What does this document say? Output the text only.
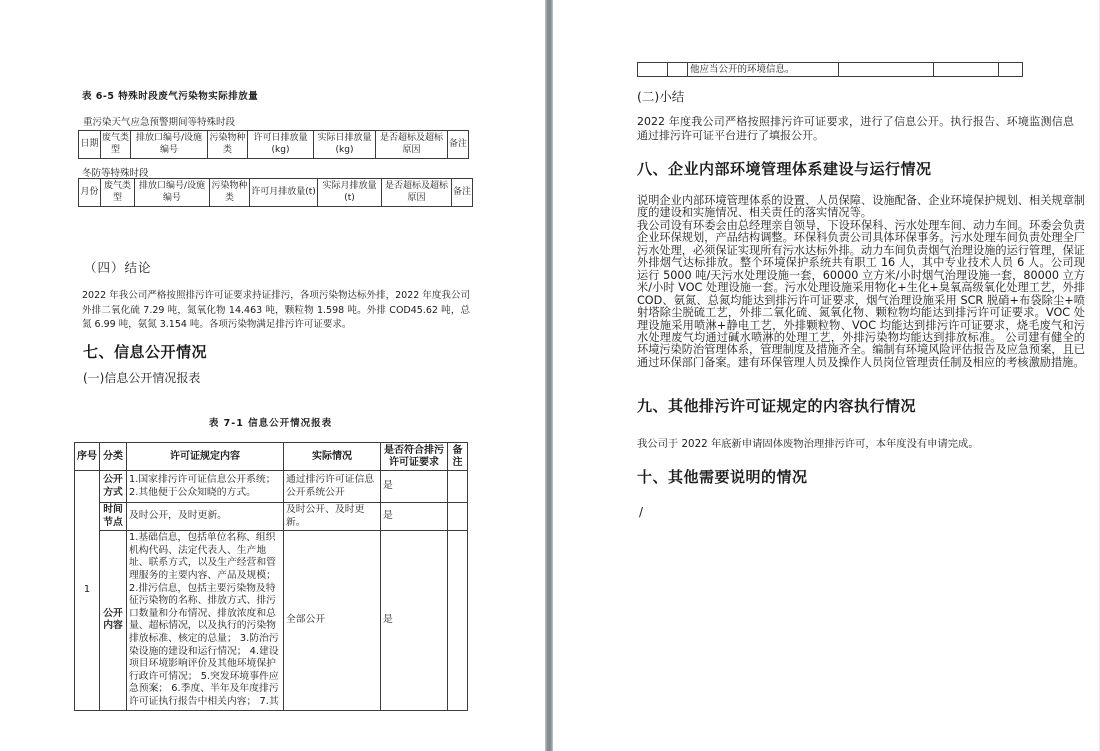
表 6-5 特殊时段废气污染物实际排放量
重污染天气应急预警期间等特殊时段
日期	废气类型	排放口编号/设施编号	污染物种类	许可日排放量(kg)	实际日排放量(kg)	是否超标及超标原因	备注
冬防等特殊时段
月份	废气类型	排放口编号/设施编号	污染物种类	许可月排放量(t)	实际月排放量(t)	是否超标及超标原因	备注
（四）结论
2022 年我公司严格按照排污许可证要求持证排污，各项污染物达标外排，2022 年度我公司外排二氧化硫 7.29 吨，氮氧化物 14.463 吨，颗粒物 1.598 吨。外排 COD45.62 吨，总氮 6.99 吨，氨氮 3.154 吨。各项污染物满足排污许可证要求。
七、信息公开情况
(一)信息公开情况报表
表 7-1 信息公开情况报表
序号	分类	许可证规定内容	实际情况	是否符合排污许可证要求	备注
1	公开方式	1.国家排污许可证信息公开系统；2.其他便于公众知晓的方式。	通过排污许可证信息公开系统公开	是	
	时间节点	及时公开，及时更新。	及时公开、及时更新。	是	
	公开内容	1.基础信息，包括单位名称、组织机构代码、法定代表人、生产地址、联系方式，以及生产经营和管理服务的主要内容、产品及规模；2.排污信息，包括主要污染物及特征污染物的名称、排放方式、排污口数量和分布情况、排放浓度和总量、超标情况，以及执行的污染物排放标准、核定的总量； 3.防治污染设施的建设和运行情况； 4.建设项目环境影响评价及其他环境保护行政许可情况； 5.突发环境事件应急预案； 6.季度、半年及年度排污许可证执行报告中相关内容； 7.其	全部公开	是	
		他应当公开的环境信息。			
(二)小结
2022 年度我公司严格按照排污许可证要求，进行了信息公开。执行报告、环境监测信息通过排污许可证平台进行了填报公开。
八、企业内部环境管理体系建设与运行情况
说明企业内部环境管理体系的设置、人员保障、设施配备、企业环境保护规划、相关规章制度的建设和实施情况、相关责任的落实情况等。
我公司设有环委会由总经理亲自领导，下设环保科、污水处理车间、动力车间。环委会负责企业环保规划，产品结构调整。环保科负责公司具体环保事务。污水处理车间负责处理全厂污水处理，必须保证实现所有污水达标外排。动力车间负责烟气治理设施的运行管理，保证外排烟气达标排放。整个环境保护系统共有职工 16 人，其中专业技术人员 6 人。公司现运行 5000 吨/天污水处理设施一套，60000 立方米/小时烟气治理设施一套，80000 立方米/小时 VOC 处理设施一套。污水处理设施采用物化+生化+臭氧高级氧化处理工艺，外排 COD、氨氮、总氮均能达到排污许可证要求，烟气治理设施采用 SCR 脱硝+布袋除尘+喷射塔除尘脱硫工艺，外排二氧化硫、氮氧化物、颗粒物均能达到排污许可证要求。VOC 处理设施采用喷淋+静电工艺，外排颗粒物、VOC 均能达到排污许可证要求，烧毛废气和污水处理废气均通过碱水喷淋的处理工艺，外排污染物均能达到排放标准。 公司建有健全的环境污染防治管理体系，管理制度及措施齐全。编制有环境风险评估报告及应急预案，且已通过环保部门备案。建有环保管理人员及操作人员岗位管理责任制及相应的考核激励措施。
九、其他排污许可证规定的内容执行情况
我公司于 2022 年底新申请固体废物治理排污许可，本年度没有申请完成。
十、其他需要说明的情况
/
